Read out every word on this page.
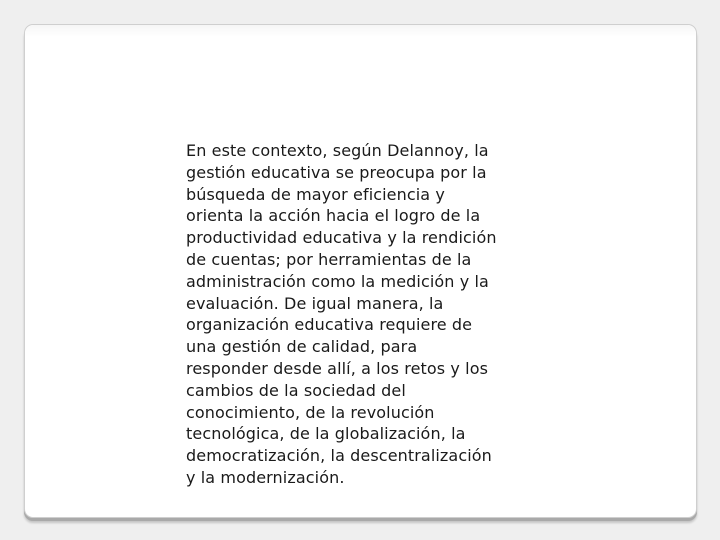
En este contexto, según Delannoy, la
gestión educativa se preocupa por la
búsqueda de mayor eficiencia y
orienta la acción hacia el logro de la
productividad educativa y la rendición
de cuentas; por herramientas de la
administración como la medición y la
evaluación. De igual manera, la
organización educativa requiere de
una gestión de calidad, para
responder desde allí, a los retos y los
cambios de la sociedad del
conocimiento, de la revolución
tecnológica, de la globalización, la
democratización, la descentralización
y la modernización.
